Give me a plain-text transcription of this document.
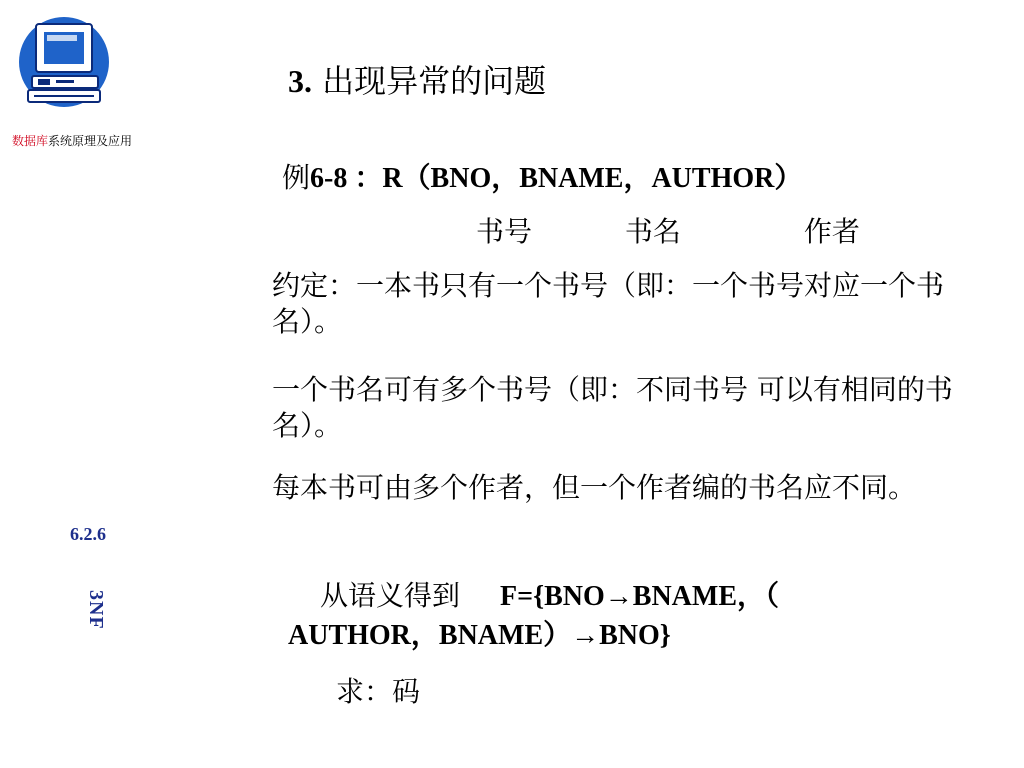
数据库系统原理及应用
6.2.6
3NF
3. 出现异常的问题
例6-8 ：R（BNO，BNAME，AUTHOR）
书号	书名	作者
约定：一本书只有一个书号（即：一个书号对应一个书名）。
一个书名可有多个书号（即：不同书号 可以有相同的书名）。
每本书可由多个作者，但一个作者编的书名应不同。
从语义得到 F={BNO→BNAME，（
AUTHOR，BNAME）→BNO}
求：码
